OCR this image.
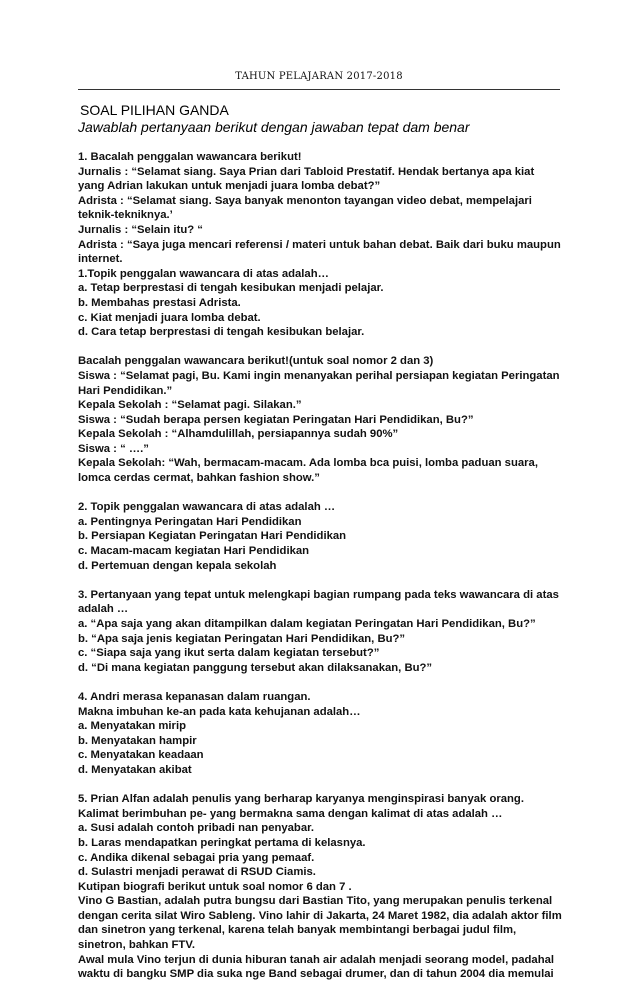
TAHUN PELAJARAN 2017-2018
SOAL PILIHAN GANDA
Jawablah pertanyaan berikut dengan jawaban tepat dam benar

1. Bacalah penggalan wawancara berikut!

Jurnalis : “Selamat siang. Saya Prian dari Tabloid Prestatif. Hendak bertanya apa kiat

yang Adrian lakukan untuk menjadi juara lomba debat?”

Adrista : “Selamat siang. Saya banyak menonton tayangan video debat, mempelajari

teknik-tekniknya.’

Jurnalis : “Selain itu? “

Adrista : “Saya juga mencari referensi / materi untuk bahan debat. Baik dari buku maupun

internet.

1.Topik penggalan wawancara di atas adalah…

a. Tetap berprestasi di tengah kesibukan menjadi pelajar.

b. Membahas prestasi Adrista.

c. Kiat menjadi juara lomba debat.

d. Cara tetap berprestasi di tengah kesibukan belajar.

Bacalah penggalan wawancara berikut!(untuk soal nomor 2 dan 3)

Siswa : “Selamat pagi, Bu. Kami ingin menanyakan perihal persiapan kegiatan Peringatan

Hari Pendidikan.”

Kepala Sekolah : “Selamat pagi. Silakan.”

Siswa : “Sudah berapa persen kegiatan Peringatan Hari Pendidikan, Bu?”

Kepala Sekolah : “Alhamdulillah, persiapannya sudah 90%”

Siswa : “ ….”

Kepala Sekolah: “Wah, bermacam-macam. Ada lomba bca puisi, lomba paduan suara,

lomca cerdas cermat, bahkan fashion show.”

2. Topik penggalan wawancara di atas adalah …

a. Pentingnya Peringatan Hari Pendidikan

b. Persiapan Kegiatan Peringatan Hari Pendidikan

c. Macam-macam kegiatan Hari Pendidikan

d. Pertemuan dengan kepala sekolah

3. Pertanyaan yang tepat untuk melengkapi bagian rumpang pada teks wawancara di atas

adalah …

a. “Apa saja yang akan ditampilkan dalam kegiatan Peringatan Hari Pendidikan, Bu?”

b. “Apa saja jenis kegiatan Peringatan Hari Pendidikan, Bu?”

c. “Siapa saja yang ikut serta dalam kegiatan tersebut?”

d. “Di mana kegiatan panggung tersebut akan dilaksanakan, Bu?”

4. Andri merasa kepanasan dalam ruangan.

Makna imbuhan ke-an pada kata kehujanan adalah…

a. Menyatakan mirip

b. Menyatakan hampir

c. Menyatakan keadaan

d. Menyatakan akibat

5. Prian Alfan adalah penulis yang berharap karyanya menginspirasi banyak orang.

Kalimat berimbuhan pe- yang bermakna sama dengan kalimat di atas adalah …

a. Susi adalah contoh pribadi nan penyabar.

b. Laras mendapatkan peringkat pertama di kelasnya.

c. Andika dikenal sebagai pria yang pemaaf.

d. Sulastri menjadi perawat di RSUD Ciamis.

Kutipan biografi berikut untuk soal nomor 6 dan 7 .

Vino G Bastian, adalah putra bungsu dari Bastian Tito, yang merupakan penulis terkenal

dengan cerita silat Wiro Sableng. Vino lahir di Jakarta, 24 Maret 1982, dia adalah aktor film

dan sinetron yang terkenal, karena telah banyak membintangi berbagai judul film,

sinetron, bahkan FTV.

Awal mula Vino terjun di dunia hiburan tanah air adalah menjadi seorang model, padahal

waktu di bangku SMP dia suka nge Band sebagai drumer, dan di tahun 2004 dia memulai
